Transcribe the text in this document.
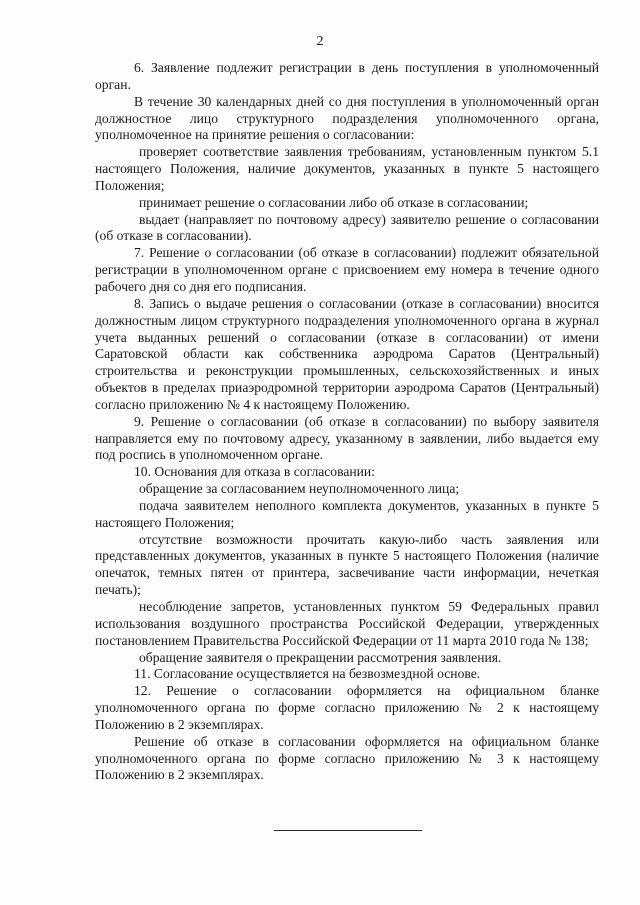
2

6. Заявление подлежит регистрации в день поступления в уполномоченный орган.

В течение 30 календарных дней со дня поступления в уполномоченный орган должностное лицо структурного подразделения уполномоченного органа, уполномоченное на принятие решения о согласовании:

проверяет соответствие заявления требованиям, установленным пунктом 5.1 настоящего Положения, наличие документов, указанных в пункте 5 настоящего Положения;

принимает решение о согласовании либо об отказе в согласовании;

выдает (направляет по почтовому адресу) заявителю решение о согласовании (об отказе в согласовании).

7. Решение о согласовании (об отказе в согласовании) подлежит обязательной регистрации в уполномоченном органе с присвоением ему номера в течение одного рабочего дня со дня его подписания.

8. Запись о выдаче решения о согласовании (отказе в согласовании) вносится должностным лицом структурного подразделения уполномоченного органа в журнал учета выданных решений о согласовании (отказе в согласовании) от имени Саратовской области как собственника аэродрома Саратов (Центральный) строительства и реконструкции промышленных, сельскохозяйственных и иных объектов в пределах приаэродромной территории аэродрома Саратов (Центральный) согласно приложению № 4 к настоящему Положению.

9. Решение о согласовании (об отказе в согласовании) по выбору заявителя направляется ему по почтовому адресу, указанному в заявлении, либо выдается ему под роспись в уполномоченном органе.

10. Основания для отказа в согласовании:

обращение за согласованием неуполномоченного лица;

подача заявителем неполного комплекта документов, указанных в пункте 5 настоящего Положения;

отсутствие возможности прочитать какую-либо часть заявления или представленных документов, указанных в пункте 5 настоящего Положения (наличие опечаток, темных пятен от принтера, засвечивание части информации, нечеткая печать);

несоблюдение запретов, установленных пунктом 59 Федеральных правил использования воздушного пространства Российской Федерации, утвержденных постановлением Правительства Российской Федерации от 11 марта 2010 года № 138;

обращение заявителя о прекращении рассмотрения заявления.

11. Согласование осуществляется на безвозмездной основе.

12. Решение о согласовании оформляется на официальном бланке уполномоченного органа по форме согласно приложению № 2 к настоящему Положению в 2 экземплярах.

Решение об отказе в согласовании оформляется на официальном бланке уполномоченного органа по форме согласно приложению № 3 к настоящему Положению в 2 экземплярах.
